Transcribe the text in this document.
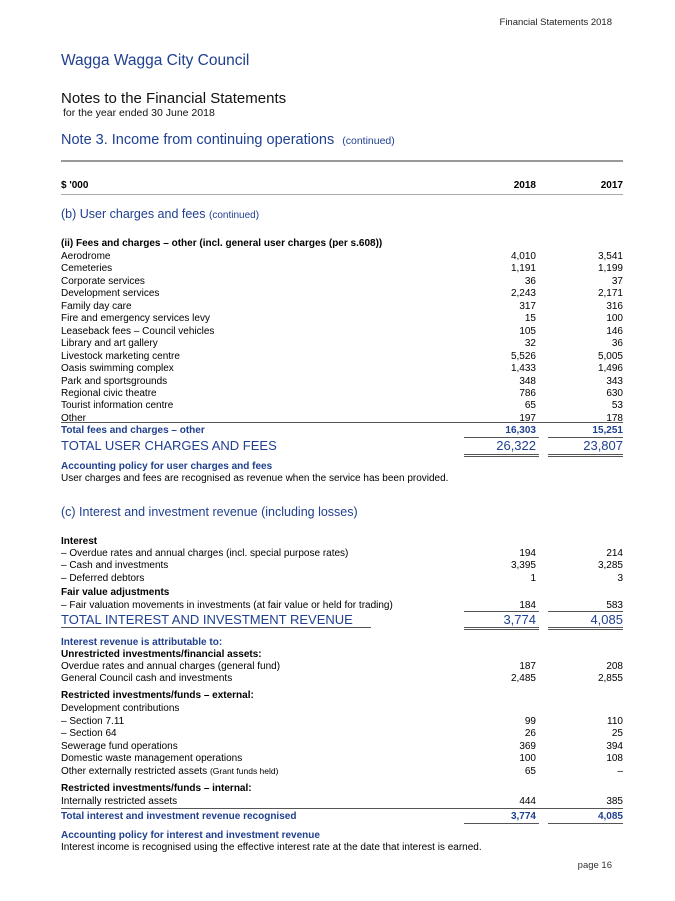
Financial Statements 2018
Wagga Wagga City Council
Notes to the Financial Statements
for the year ended 30 June 2018
Note 3. Income from continuing operations (continued)
$ '000	2018	2017
(b) User charges and fees (continued)
(ii) Fees and charges – other (incl. general user charges (per s.608))
Aerodrome	4,010	3,541
Cemeteries	1,191	1,199
Corporate services	36	37
Development services	2,243	2,171
Family day care	317	316
Fire and emergency services levy	15	100
Leaseback fees – Council vehicles	105	146
Library and art gallery	32	36
Livestock marketing centre	5,526	5,005
Oasis swimming complex	1,433	1,496
Park and sportsgrounds	348	343
Regional civic theatre	786	630
Tourist information centre	65	53
Other	197	178
Total fees and charges – other	16,303	15,251
TOTAL USER CHARGES AND FEES	26,322	23,807
Accounting policy for user charges and fees
User charges and fees are recognised as revenue when the service has been provided.
(c) Interest and investment revenue (including losses)
Interest
– Overdue rates and annual charges (incl. special purpose rates)	194	214
– Cash and investments	3,395	3,285
– Deferred debtors	1	3
Fair value adjustments
– Fair valuation movements in investments (at fair value or held for trading)	184	583
TOTAL INTEREST AND INVESTMENT REVENUE	3,774	4,085
Interest revenue is attributable to:
Unrestricted investments/financial assets:
Overdue rates and annual charges (general fund)	187	208
General Council cash and investments	2,485	2,855
Restricted investments/funds – external:
Development contributions
– Section 7.11	99	110
– Section 64	26	25
Sewerage fund operations	369	394
Domestic waste management operations	100	108
Other externally restricted assets (Grant funds held)	65	–
Restricted investments/funds – internal:
Internally restricted assets	444	385
Total interest and investment revenue recognised	3,774	4,085
Accounting policy for interest and investment revenue
Interest income is recognised using the effective interest rate at the date that interest is earned.
page 16
